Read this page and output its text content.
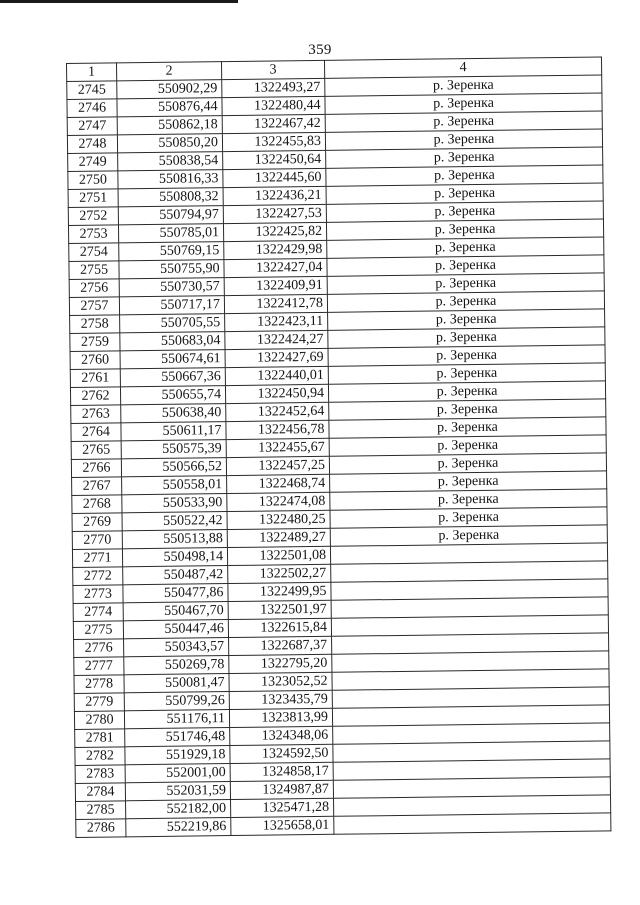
359
1	2	3	4
2745	550902,29	1322493,27	р. Зеренка
2746	550876,44	1322480,44	р. Зеренка
2747	550862,18	1322467,42	р. Зеренка
2748	550850,20	1322455,83	р. Зеренка
2749	550838,54	1322450,64	р. Зеренка
2750	550816,33	1322445,60	р. Зеренка
2751	550808,32	1322436,21	р. Зеренка
2752	550794,97	1322427,53	р. Зеренка
2753	550785,01	1322425,82	р. Зеренка
2754	550769,15	1322429,98	р. Зеренка
2755	550755,90	1322427,04	р. Зеренка
2756	550730,57	1322409,91	р. Зеренка
2757	550717,17	1322412,78	р. Зеренка
2758	550705,55	1322423,11	р. Зеренка
2759	550683,04	1322424,27	р. Зеренка
2760	550674,61	1322427,69	р. Зеренка
2761	550667,36	1322440,01	р. Зеренка
2762	550655,74	1322450,94	р. Зеренка
2763	550638,40	1322452,64	р. Зеренка
2764	550611,17	1322456,78	р. Зеренка
2765	550575,39	1322455,67	р. Зеренка
2766	550566,52	1322457,25	р. Зеренка
2767	550558,01	1322468,74	р. Зеренка
2768	550533,90	1322474,08	р. Зеренка
2769	550522,42	1322480,25	р. Зеренка
2770	550513,88	1322489,27	р. Зеренка
2771	550498,14	1322501,08	
2772	550487,42	1322502,27	
2773	550477,86	1322499,95	
2774	550467,70	1322501,97	
2775	550447,46	1322615,84	
2776	550343,57	1322687,37	
2777	550269,78	1322795,20	
2778	550081,47	1323052,52	
2779	550799,26	1323435,79	
2780	551176,11	1323813,99	
2781	551746,48	1324348,06	
2782	551929,18	1324592,50	
2783	552001,00	1324858,17	
2784	552031,59	1324987,87	
2785	552182,00	1325471,28	
2786	552219,86	1325658,01	
